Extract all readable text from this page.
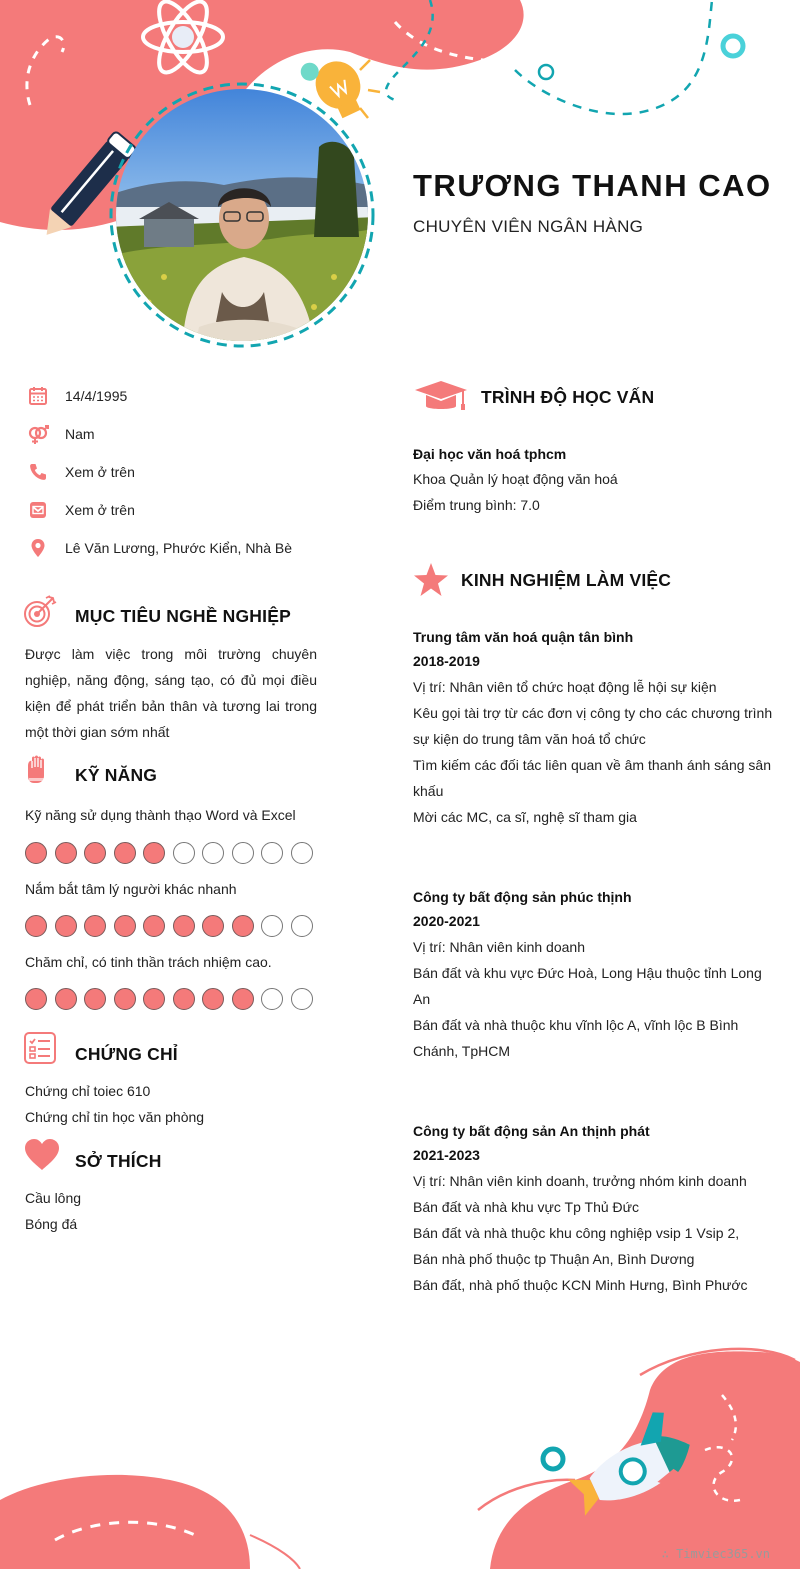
TRƯƠNG THANH CAO
CHUYÊN VIÊN NGÂN HÀNG
14/4/1995
Nam
Xem ở trên
Xem ở trên
Lê Văn Lương, Phước Kiển, Nhà Bè
MỤC TIÊU NGHỀ NGHIỆP
Được làm việc trong môi trường chuyên
nghiệp, năng động, sáng tạo, có đủ mọi điều
kiện để phát triển bản thân và tương lai trong
một thời gian sớm nhất
KỸ NĂNG
Kỹ năng sử dụng thành thạo Word và Excel
Nắm bắt tâm lý người khác nhanh
Chăm chỉ, có tinh thần trách nhiệm cao.
CHỨNG CHỈ
Chứng chỉ toiec 610
Chứng chỉ tin học văn phòng
SỞ THÍCH
Cầu lông
Bóng đá
TRÌNH ĐỘ HỌC VẤN
Đại học văn hoá tphcm
Khoa Quản lý hoạt động văn hoá
Điểm trung bình: 7.0
KINH NGHIỆM LÀM VIỆC
Trung tâm văn hoá quận tân bình
2018-2019
Vị trí: Nhân viên tổ chức hoạt động lễ hội sự kiện
Kêu gọi tài trợ từ các đơn vị công ty cho các chương trình
sự kiện do trung tâm văn hoá tổ chức
Tìm kiếm các đối tác liên quan về âm thanh ánh sáng sân
khấu
Mời các MC, ca sĩ, nghệ sĩ tham gia
Công ty bất động sản phúc thịnh
2020-2021
Vị trí: Nhân viên kinh doanh
Bán đất và khu vực Đức Hoà, Long Hậu thuộc tỉnh Long
An
Bán đất và nhà thuộc khu vĩnh lộc A, vĩnh lộc B Bình
Chánh, TpHCM
Công ty bất động sản An thịnh phát
2021-2023
Vị trí: Nhân viên kinh doanh, trưởng nhóm kinh doanh
Bán đất và nhà khu vực Tp Thủ Đức
Bán đất và nhà thuộc khu công nghiệp vsip 1 Vsip 2,
Bán nhà phố thuộc tp Thuận An, Bình Dương
Bán đất, nhà phố thuộc KCN Minh Hưng, Bình Phước
∴ Timviec365.vn
